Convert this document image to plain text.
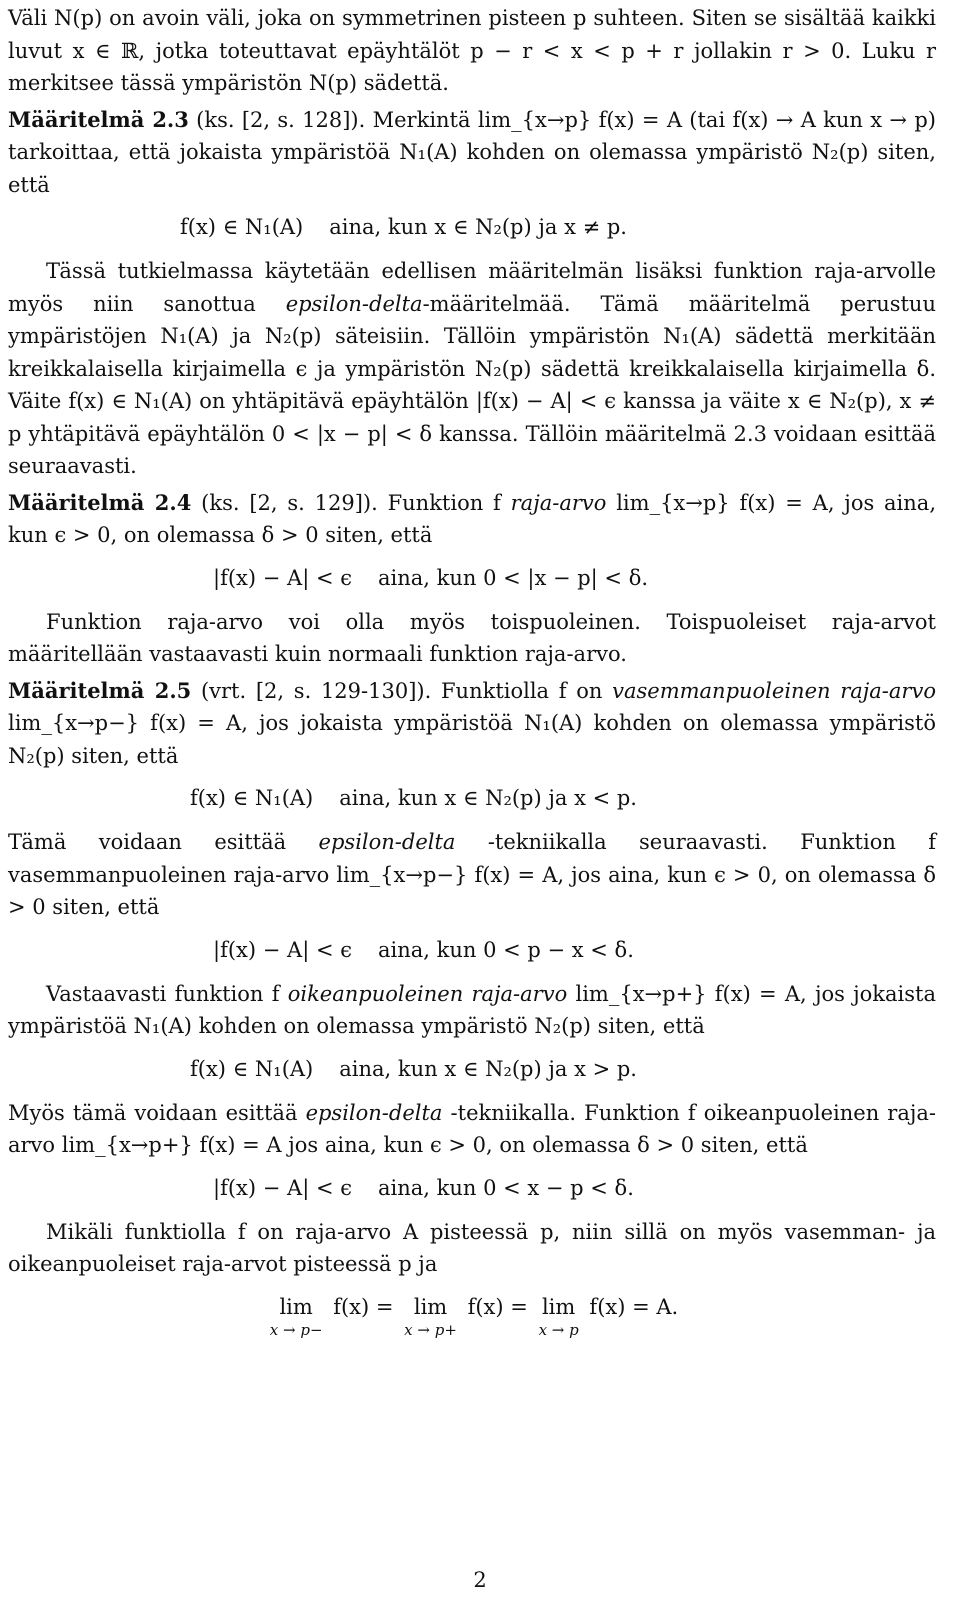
Väli N(p) on avoin väli, joka on symmetrinen pisteen p suhteen. Siten se sisältää kaikki luvut x ∈ ℝ, jotka toteuttavat epäyhtälöt p − r < x < p + r jollakin r > 0. Luku r merkitsee tässä ympäristön N(p) sädettä.

Määritelmä 2.3 (ks. [2, s. 128]). Merkintä lim_{x→p} f(x) = A (tai f(x) → A kun x → p) tarkoittaa, että jokaista ympäristöä N₁(A) kohden on olemassa ympäristö N₂(p) siten, että

f(x) ∈ N₁(A) aina, kun x ∈ N₂(p) ja x ≠ p.

Tässä tutkielmassa käytetään edellisen määritelmän lisäksi funktion raja-arvolle myös niin sanottua epsilon-delta-määritelmää. Tämä määritelmä perustuu ympäristöjen N₁(A) ja N₂(p) säteisiin. Tällöin ympäristön N₁(A) sädettä merkitään kreikkalaisella kirjaimella ϵ ja ympäristön N₂(p) sädettä kreikkalaisella kirjaimella δ. Väite f(x) ∈ N₁(A) on yhtäpitävä epäyhtälön |f(x) − A| < ϵ kanssa ja väite x ∈ N₂(p), x ≠ p yhtäpitävä epäyhtälön 0 < |x − p| < δ kanssa. Tällöin määritelmä 2.3 voidaan esittää seuraavasti.

Määritelmä 2.4 (ks. [2, s. 129]). Funktion f raja-arvo lim_{x→p} f(x) = A, jos aina, kun ϵ > 0, on olemassa δ > 0 siten, että

|f(x) − A| < ϵ aina, kun 0 < |x − p| < δ.

Funktion raja-arvo voi olla myös toispuoleinen. Toispuoleiset raja-arvot määritellään vastaavasti kuin normaali funktion raja-arvo.

Määritelmä 2.5 (vrt. [2, s. 129-130]). Funktiolla f on vasemmanpuoleinen raja-arvo lim_{x→p−} f(x) = A, jos jokaista ympäristöä N₁(A) kohden on olemassa ympäristö N₂(p) siten, että

f(x) ∈ N₁(A) aina, kun x ∈ N₂(p) ja x < p.

Tämä voidaan esittää epsilon-delta -tekniikalla seuraavasti. Funktion f vasemmanpuoleinen raja-arvo lim_{x→p−} f(x) = A, jos aina, kun ϵ > 0, on olemassa δ > 0 siten, että

|f(x) − A| < ϵ aina, kun 0 < p − x < δ.

Vastaavasti funktion f oikeanpuoleinen raja-arvo lim_{x→p+} f(x) = A, jos jokaista ympäristöä N₁(A) kohden on olemassa ympäristö N₂(p) siten, että

f(x) ∈ N₁(A) aina, kun x ∈ N₂(p) ja x > p.

Myös tämä voidaan esittää epsilon-delta -tekniikalla. Funktion f oikeanpuoleinen raja-arvo lim_{x→p+} f(x) = A jos aina, kun ϵ > 0, on olemassa δ > 0 siten, että

|f(x) − A| < ϵ aina, kun 0 < x − p < δ.

Mikäli funktiolla f on raja-arvo A pisteessä p, niin sillä on myös vasemman- ja oikeanpuoleiset raja-arvot pisteessä p ja

lim
x → p−
f(x) = lim
x → p+
f(x) = lim
x → p
f(x) = A.
2
